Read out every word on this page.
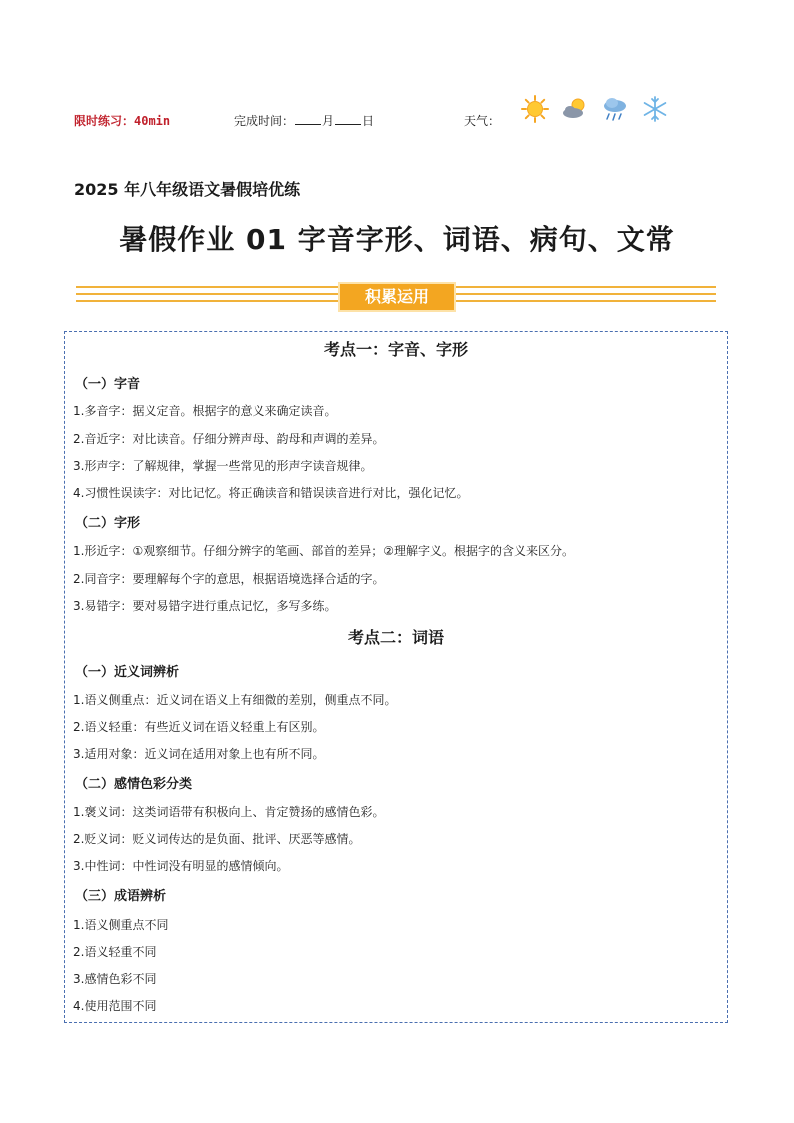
限时练习：40min	完成时间： 月 日	天气：
2025 年八年级语文暑假培优练
暑假作业 01 字音字形、词语、病句、文常
积累运用
考点一：字音、字形
（一）字音
1.多音字：据义定音。根据字的意义来确定读音。
2.音近字：对比读音。仔细分辨声母、韵母和声调的差异。
3.形声字：了解规律，掌握一些常见的形声字读音规律。
4.习惯性误读字：对比记忆。将正确读音和错误读音进行对比，强化记忆。
（二）字形
1.形近字：①观察细节。仔细分辨字的笔画、部首的差异；②理解字义。根据字的含义来区分。
2.同音字：要理解每个字的意思，根据语境选择合适的字。
3.易错字：要对易错字进行重点记忆，多写多练。
考点二：词语
（一）近义词辨析
1.语义侧重点：近义词在语义上有细微的差别，侧重点不同。
2.语义轻重：有些近义词在语义轻重上有区别。
3.适用对象：近义词在适用对象上也有所不同。
（二）感情色彩分类
1.褒义词：这类词语带有积极向上、肯定赞扬的感情色彩。
2.贬义词：贬义词传达的是负面、批评、厌恶等感情。
3.中性词：中性词没有明显的感情倾向。
（三）成语辨析
1.语义侧重点不同
2.语义轻重不同
3.感情色彩不同
4.使用范围不同
